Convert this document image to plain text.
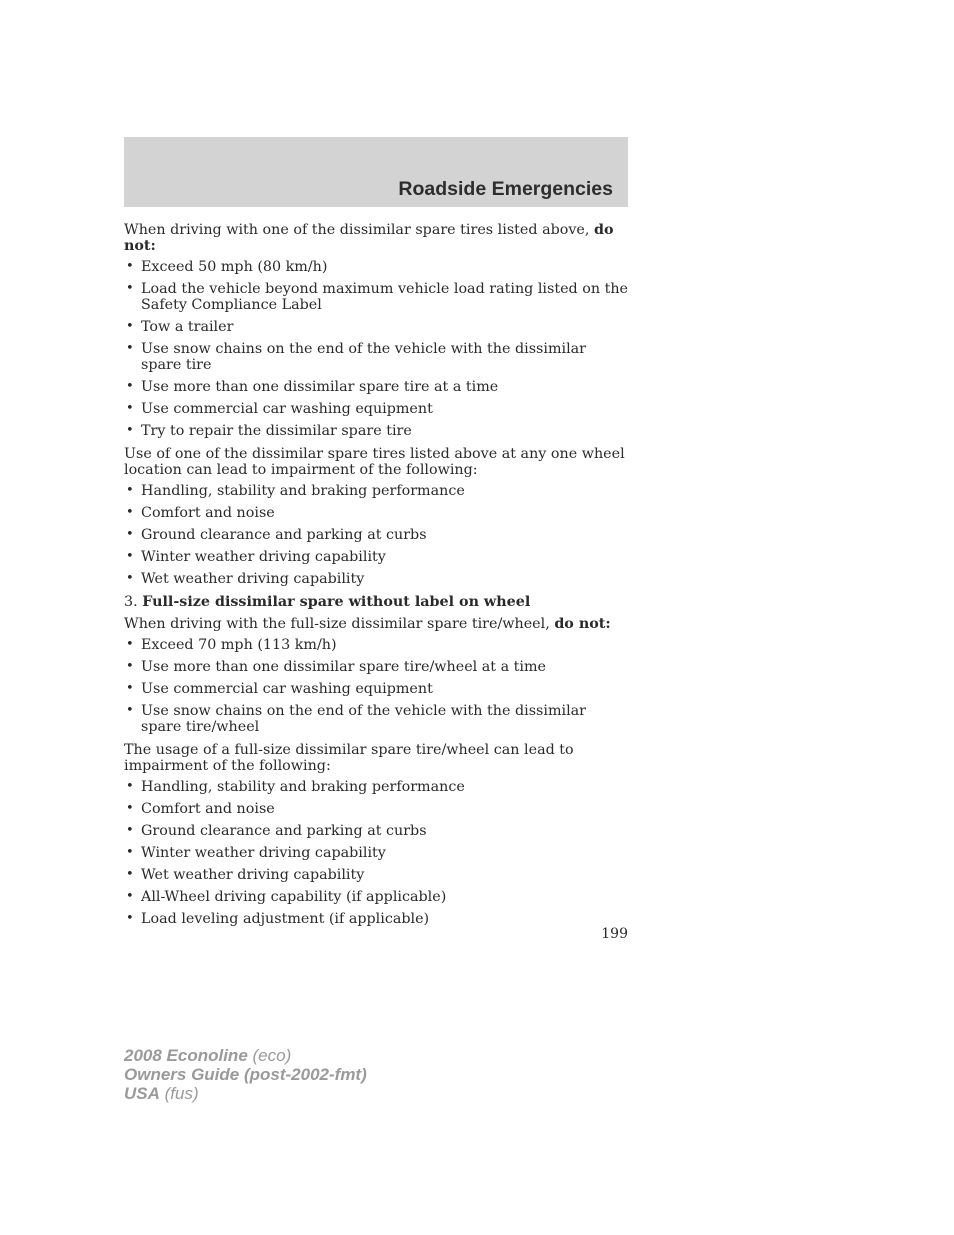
Roadside Emergencies

When driving with one of the dissimilar spare tires listed above, do not:

• Exceed 50 mph (80 km/h)
• Load the vehicle beyond maximum vehicle load rating listed on the Safety Compliance Label
• Tow a trailer
• Use snow chains on the end of the vehicle with the dissimilar spare tire
• Use more than one dissimilar spare tire at a time
• Use commercial car washing equipment
• Try to repair the dissimilar spare tire

Use of one of the dissimilar spare tires listed above at any one wheel location can lead to impairment of the following:

• Handling, stability and braking performance
• Comfort and noise
• Ground clearance and parking at curbs
• Winter weather driving capability
• Wet weather driving capability

3. Full-size dissimilar spare without label on wheel

When driving with the full-size dissimilar spare tire/wheel, do not:

• Exceed 70 mph (113 km/h)
• Use more than one dissimilar spare tire/wheel at a time
• Use commercial car washing equipment
• Use snow chains on the end of the vehicle with the dissimilar spare tire/wheel

The usage of a full-size dissimilar spare tire/wheel can lead to impairment of the following:

• Handling, stability and braking performance
• Comfort and noise
• Ground clearance and parking at curbs
• Winter weather driving capability
• Wet weather driving capability
• All-Wheel driving capability (if applicable)
• Load leveling adjustment (if applicable)

199

2008 Econoline (eco)
Owners Guide (post-2002-fmt)
USA (fus)
